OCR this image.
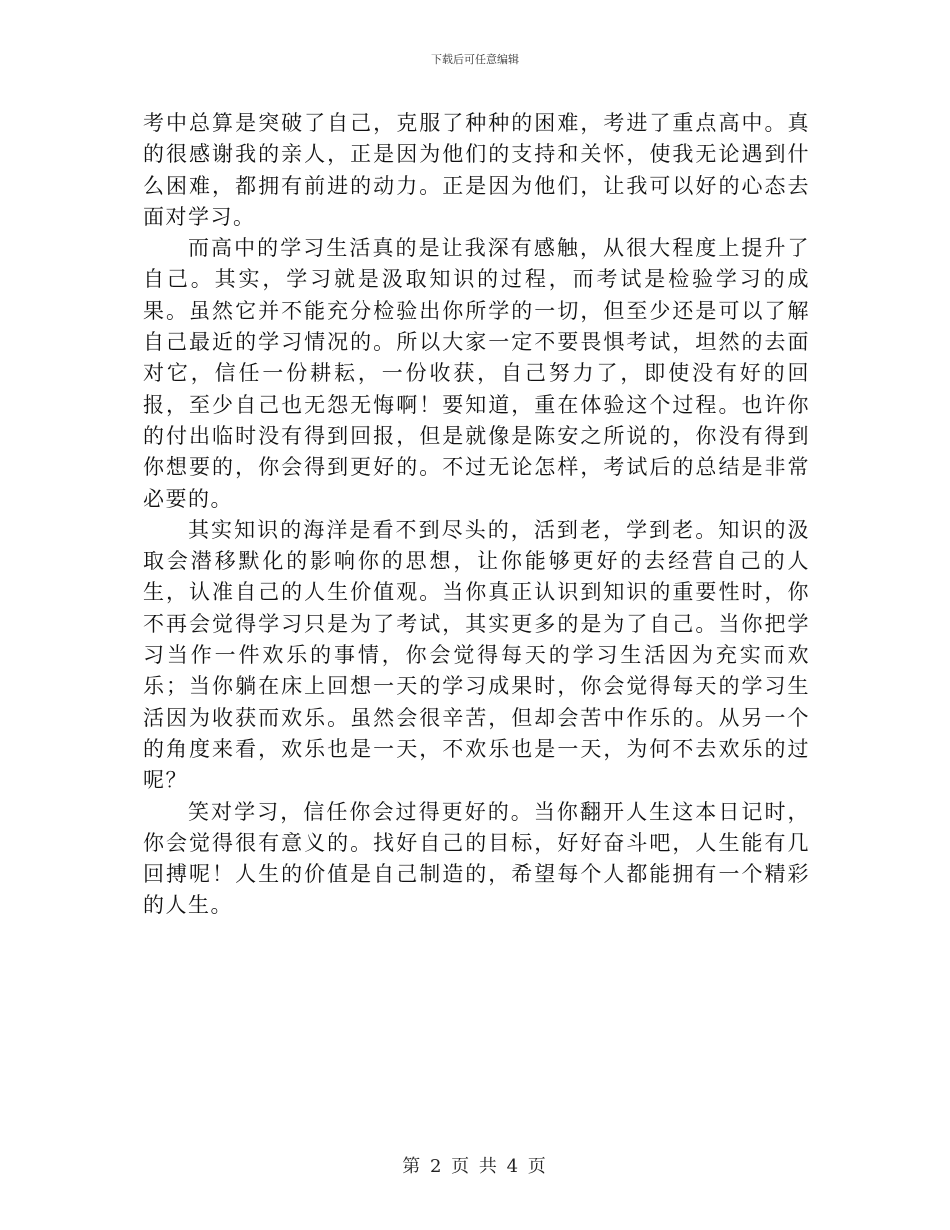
下载后可任意编辑

考中总算是突破了自己，克服了种种的困难，考进了重点高中。真的很感谢我的亲人，正是因为他们的支持和关怀，使我无论遇到什么困难，都拥有前进的动力。正是因为他们，让我可以好的心态去面对学习。

而高中的学习生活真的是让我深有感触，从很大程度上提升了自己。其实，学习就是汲取知识的过程，而考试是检验学习的成果。虽然它并不能充分检验出你所学的一切，但至少还是可以了解自己最近的学习情况的。所以大家一定不要畏惧考试，坦然的去面对它，信任一份耕耘，一份收获，自己努力了，即使没有好的回报，至少自己也无怨无悔啊！要知道，重在体验这个过程。也许你的付出临时没有得到回报，但是就像是陈安之所说的，你没有得到你想要的，你会得到更好的。不过无论怎样，考试后的总结是非常必要的。

其实知识的海洋是看不到尽头的，活到老，学到老。知识的汲取会潜移默化的影响你的思想，让你能够更好的去经营自己的人生，认准自己的人生价值观。当你真正认识到知识的重要性时，你不再会觉得学习只是为了考试，其实更多的是为了自己。当你把学习当作一件欢乐的事情，你会觉得每天的学习生活因为充实而欢乐；当你躺在床上回想一天的学习成果时，你会觉得每天的学习生活因为收获而欢乐。虽然会很辛苦，但却会苦中作乐的。从另一个的角度来看，欢乐也是一天，不欢乐也是一天，为何不去欢乐的过呢？

笑对学习，信任你会过得更好的。当你翻开人生这本日记时，你会觉得很有意义的。找好自己的目标，好好奋斗吧，人生能有几回搏呢！人生的价值是自己制造的，希望每个人都能拥有一个精彩的人生。

第 2 页 共 4 页
